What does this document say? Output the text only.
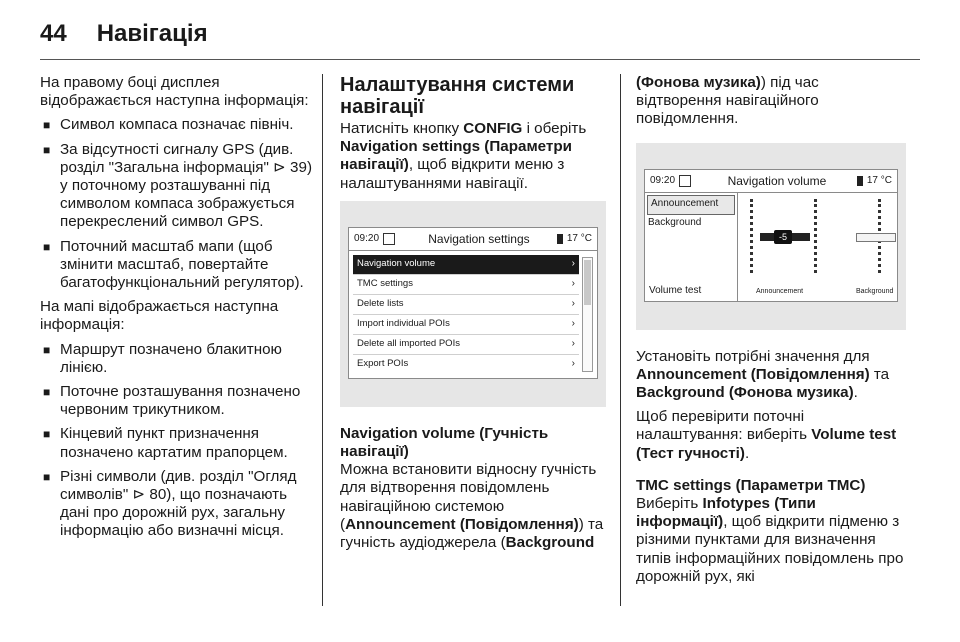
44 Навігація

На правому боці дисплея відображається наступна інформація:

■ Символ компаса позначає північ.
■ За відсутності сигналу GPS (див. розділ "Загальна інформація" ⊳ 39) у поточному розташуванні під символом компаса зображується перекреслений символ GPS.
■ Поточний масштаб мапи (щоб змінити масштаб, повертайте багатофункціональний регулятор).

На мапі відображається наступна інформація:

■ Маршрут позначено блакитною лінією.
■ Поточне розташування позначено червоним трикутником.
■ Кінцевий пункт призначення позначено картатим прапорцем.
■ Різні символи (див. розділ "Огляд символів" ⊳ 80), що позначають дані про дорожній рух, загальну інформацію або визначні місця.
Налаштування системи навігації

Натисніть кнопку CONFIG і оберіть Navigation settings (Параметри навігації), щоб відкрити меню з налаштуваннями навігації.

09:20	Navigation settings	17 °C
Navigation volume	›
TMC settings	›
Delete lists	›
Import individual POIs	›
Delete all imported POIs	›
Export POIs	›
Navigation volume (Гучність навігації)

Можна встановити відносну гучність для відтворення повідомлень навігаційною системою (Announcement (Повідомлення)) та гучність аудіоджерела (Background

(Фонова музика)) під час відтворення навігаційного повідомлення.

09:20	Navigation volume	17 °C
Announcement
Background
Volume test
-5
Announcement	Background

Установіть потрібні значення для Announcement (Повідомлення) та Background (Фонова музика).

Щоб перевірити поточні налаштування: виберіть Volume test (Тест гучності).

TMC settings (Параметри TMC)

Виберіть Infotypes (Типи інформації), щоб відкрити підменю з різними пунктами для визначення типів інформаційних повідомлень про дорожній рух, які
